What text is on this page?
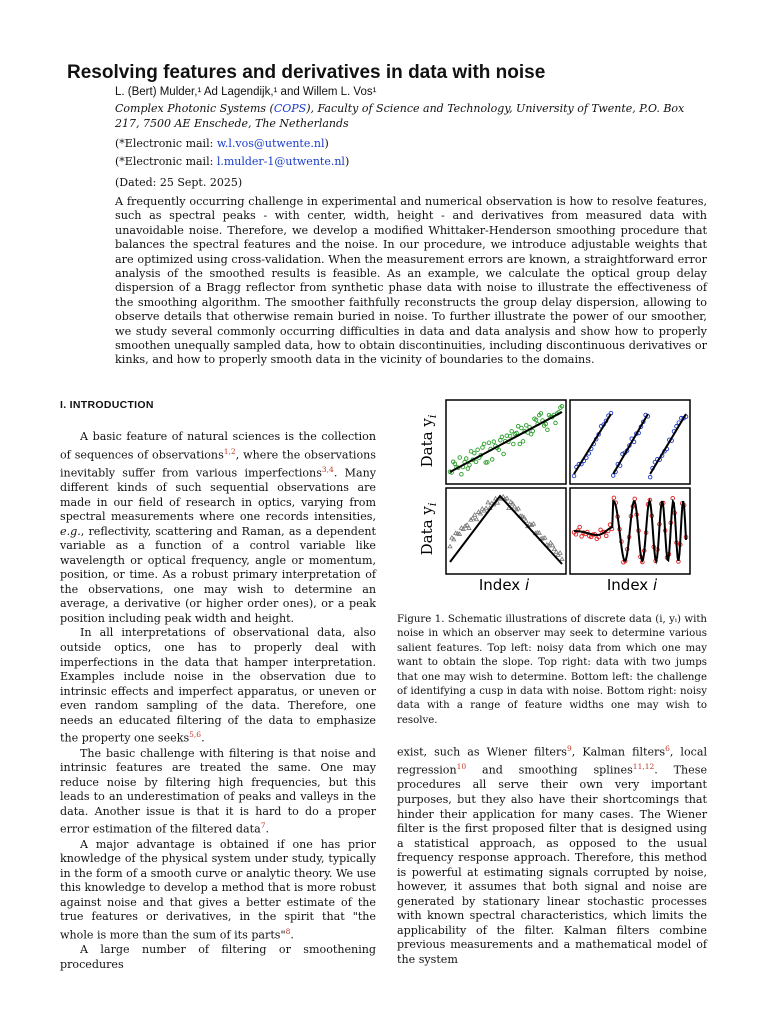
Resolving features and derivatives in data with noise
L. (Bert) Mulder,¹ Ad Lagendijk,¹ and Willem L. Vos¹
Complex Photonic Systems (COPS), Faculty of Science and Technology, University of Twente, P.O. Box 217, 7500 AE Enschede, The Netherlands
(*Electronic mail: w.l.vos@utwente.nl)
(*Electronic mail: l.mulder-1@utwente.nl)
(Dated: 25 Sept. 2025)
A frequently occurring challenge in experimental and numerical observation is how to resolve features, such as spectral peaks - with center, width, height - and derivatives from measured data with unavoidable noise. Therefore, we develop a modified Whittaker-Henderson smoothing procedure that balances the spectral features and the noise. In our procedure, we introduce adjustable weights that are optimized using cross-validation. When the measurement errors are known, a straightforward error analysis of the smoothed results is feasible. As an example, we calculate the optical group delay dispersion of a Bragg reflector from synthetic phase data with noise to illustrate the effectiveness of the smoothing algorithm. The smoother faithfully reconstructs the group delay dispersion, allowing to observe details that otherwise remain buried in noise. To further illustrate the power of our smoother, we study several commonly occurring difficulties in data and data analysis and show how to properly smoothen unequally sampled data, how to obtain discontinuities, including discontinuous derivatives or kinks, and how to properly smooth data in the vicinity of boundaries to the domains.
I. INTRODUCTION

A basic feature of natural sciences is the collection of sequences of observations$^{1,2}$, where the observations inevitably suffer from various imperfections$^{3,4}$. Many different kinds of such sequential observations are made in our field of research in optics, varying from spectral measurements where one records intensities, e.g., reflectivity, scattering and Raman, as a dependent variable as a function of a control variable like wavelength or optical frequency, angle or momentum, position, or time. As a robust primary interpretation of the observations, one may wish to determine an average, a derivative (or higher order ones), or a peak position including peak width and height.

In all interpretations of observational data, also outside optics, one has to properly deal with imperfections in the data that hamper interpretation. Examples include noise in the observation due to intrinsic effects and imperfect apparatus, or uneven or even random sampling of the data. Therefore, one needs an educated filtering of the data to emphasize the property one seeks$^{5,6}$.

The basic challenge with filtering is that noise and intrinsic features are treated the same. One may reduce noise by filtering high frequencies, but this leads to an underestimation of peaks and valleys in the data. Another issue is that it is hard to do a proper error estimation of the filtered data$^7$.

A major advantage is obtained if one has prior knowledge of the physical system under study, typically in the form of a smooth curve or analytic theory. We use this knowledge to develop a method that is more robust against noise and that gives a better estimate of the true features or derivatives, in the spirit that "the whole is more than the sum of its parts"$^8$.

A large number of filtering or smoothening procedures

Data $y_i$
Data $y_i$
Index i	Index i
Figure 1. Schematic illustrations of discrete data (i, yᵢ) with noise in which an observer may seek to determine various salient features. Top left: noisy data from which one may want to obtain the slope. Top right: data with two jumps that one may wish to determine. Bottom left: the challenge of identifying a cusp in data with noise. Bottom right: noisy data with a range of feature widths one may wish to resolve.

exist, such as Wiener filters$^9$, Kalman filters$^6$, local regression$^{10}$ and smoothing splines$^{11,12}$. These procedures all serve their own very important purposes, but they also have their shortcomings that hinder their application for many cases. The Wiener filter is the first proposed filter that is designed using a statistical approach, as opposed to the usual frequency response approach. Therefore, this method is powerful at estimating signals corrupted by noise, however, it assumes that both signal and noise are generated by stationary linear stochastic processes with known spectral characteristics, which limits the applicability of the filter. Kalman filters combine previous measurements and a mathematical model of the system
